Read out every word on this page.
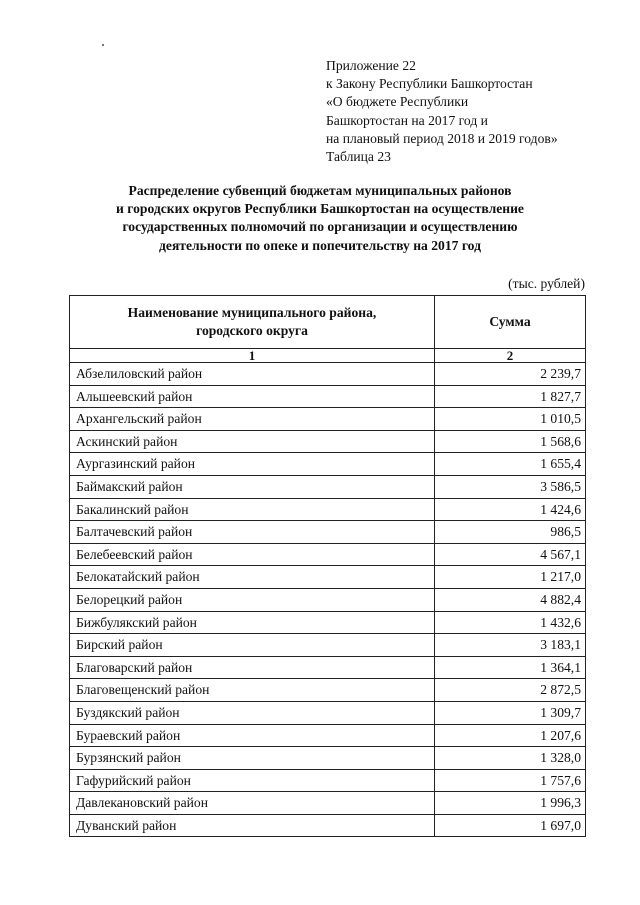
Приложение 22
к Закону Республики Башкортостан
«О бюджете Республики
Башкортостан на 2017 год и
на плановый период 2018 и 2019 годов»
Таблица 23
Распределение субвенций бюджетам муниципальных районов
и городских округов Республики Башкортостан на осуществление
государственных полномочий по организации и осуществлению
деятельности по опеке и попечительству на 2017 год
(тыс. рублей)
Наименование муниципального района,
городского округа	Сумма
1	2
Абзелиловский район	2 239,7
Альшеевский район	1 827,7
Архангельский район	1 010,5
Аскинский район	1 568,6
Аургазинский район	1 655,4
Баймакский район	3 586,5
Бакалинский район	1 424,6
Балтачевский район	986,5
Белебеевский район	4 567,1
Белокатайский район	1 217,0
Белорецкий район	4 882,4
Бижбулякский район	1 432,6
Бирский район	3 183,1
Благоварский район	1 364,1
Благовещенский район	2 872,5
Буздякский район	1 309,7
Бураевский район	1 207,6
Бурзянский район	1 328,0
Гафурийский район	1 757,6
Давлекановский район	1 996,3
Дуванский район	1 697,0
